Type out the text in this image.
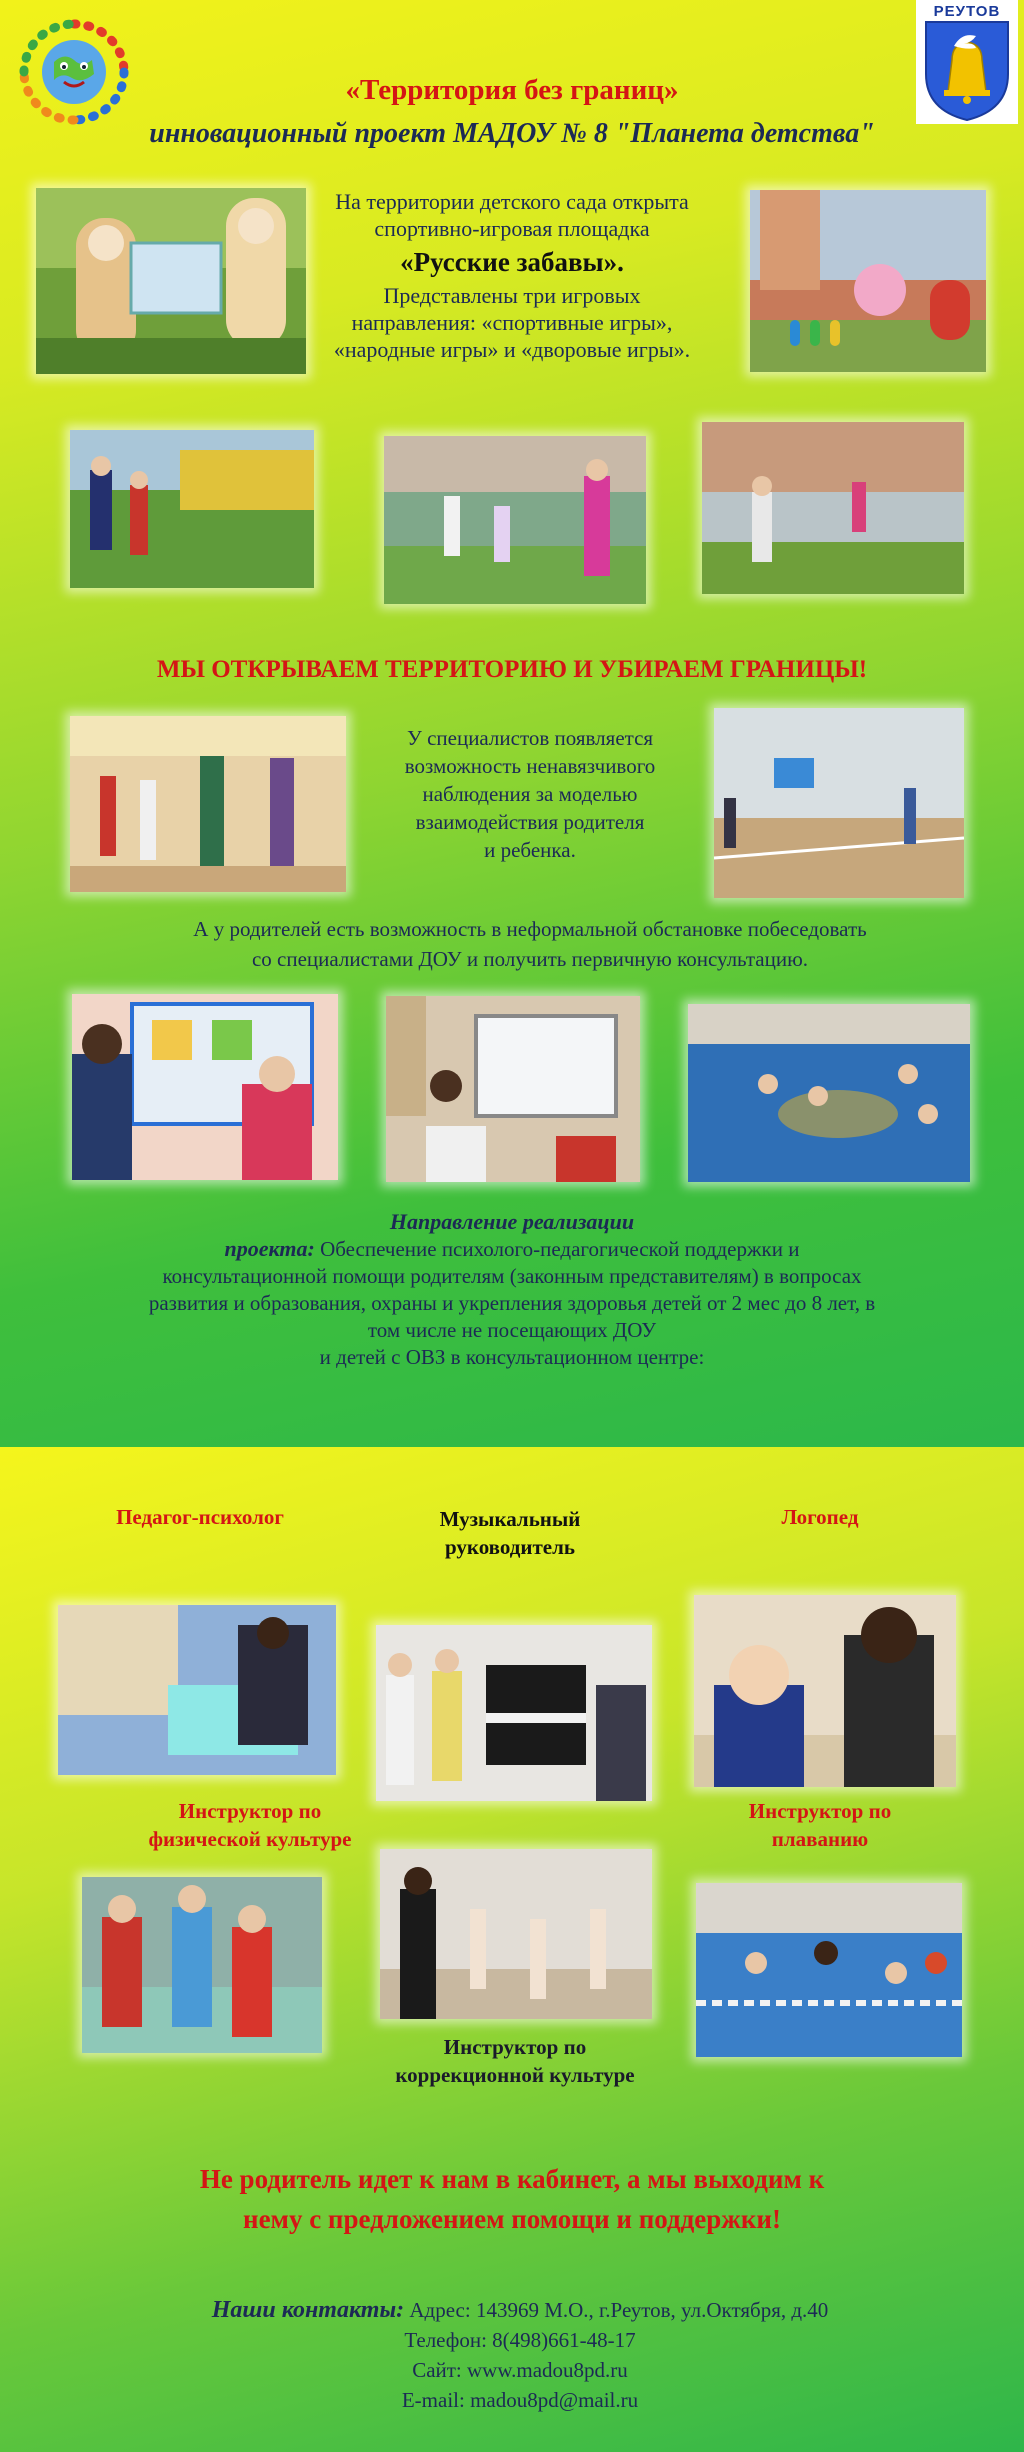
РЕУТОВ
«Территория без границ»
инновационный проект МАДОУ № 8 "Планета детства"
На территории детского сада открыта
спортивно-игровая площадка
«Русские забавы».
Представлены три игровых
направления: «спортивные игры»,
«народные игры» и «дворовые игры».
МЫ ОТКРЫВАЕМ ТЕРРИТОРИЮ И УБИРАЕМ ГРАНИЦЫ!
У специалистов появляется
возможность ненавязчивого
наблюдения за моделью
взаимодействия родителя
и ребенка.
А у родителей есть возможность в неформальной обстановке побеседовать
со специалистами ДОУ и получить первичную консультацию.
Направление реализации
проекта: Обеспечение психолого-педагогической поддержки и
консультационной помощи родителям (законным представителям) в вопросах
развития и образования, охраны и укрепления здоровья детей от 2 мес до 8 лет, в
том числе не посещающих ДОУ
и детей с ОВЗ в консультационном центре:
Педагог-психолог	Музыкальный
руководитель
Логопед
Инструктор по
физической культуре
Инструктор по
плаванию
Инструктор по
коррекционной культуре
Не родитель идет к нам в кабинет, а мы выходим к
нему с предложением помощи и поддержки!
Наши контакты: Адрес: 143969 М.О., г.Реутов, ул.Октября, д.40
Телефон: 8(498)661-48-17
Сайт: www.madou8pd.ru
E-mail: madou8pd@mail.ru
